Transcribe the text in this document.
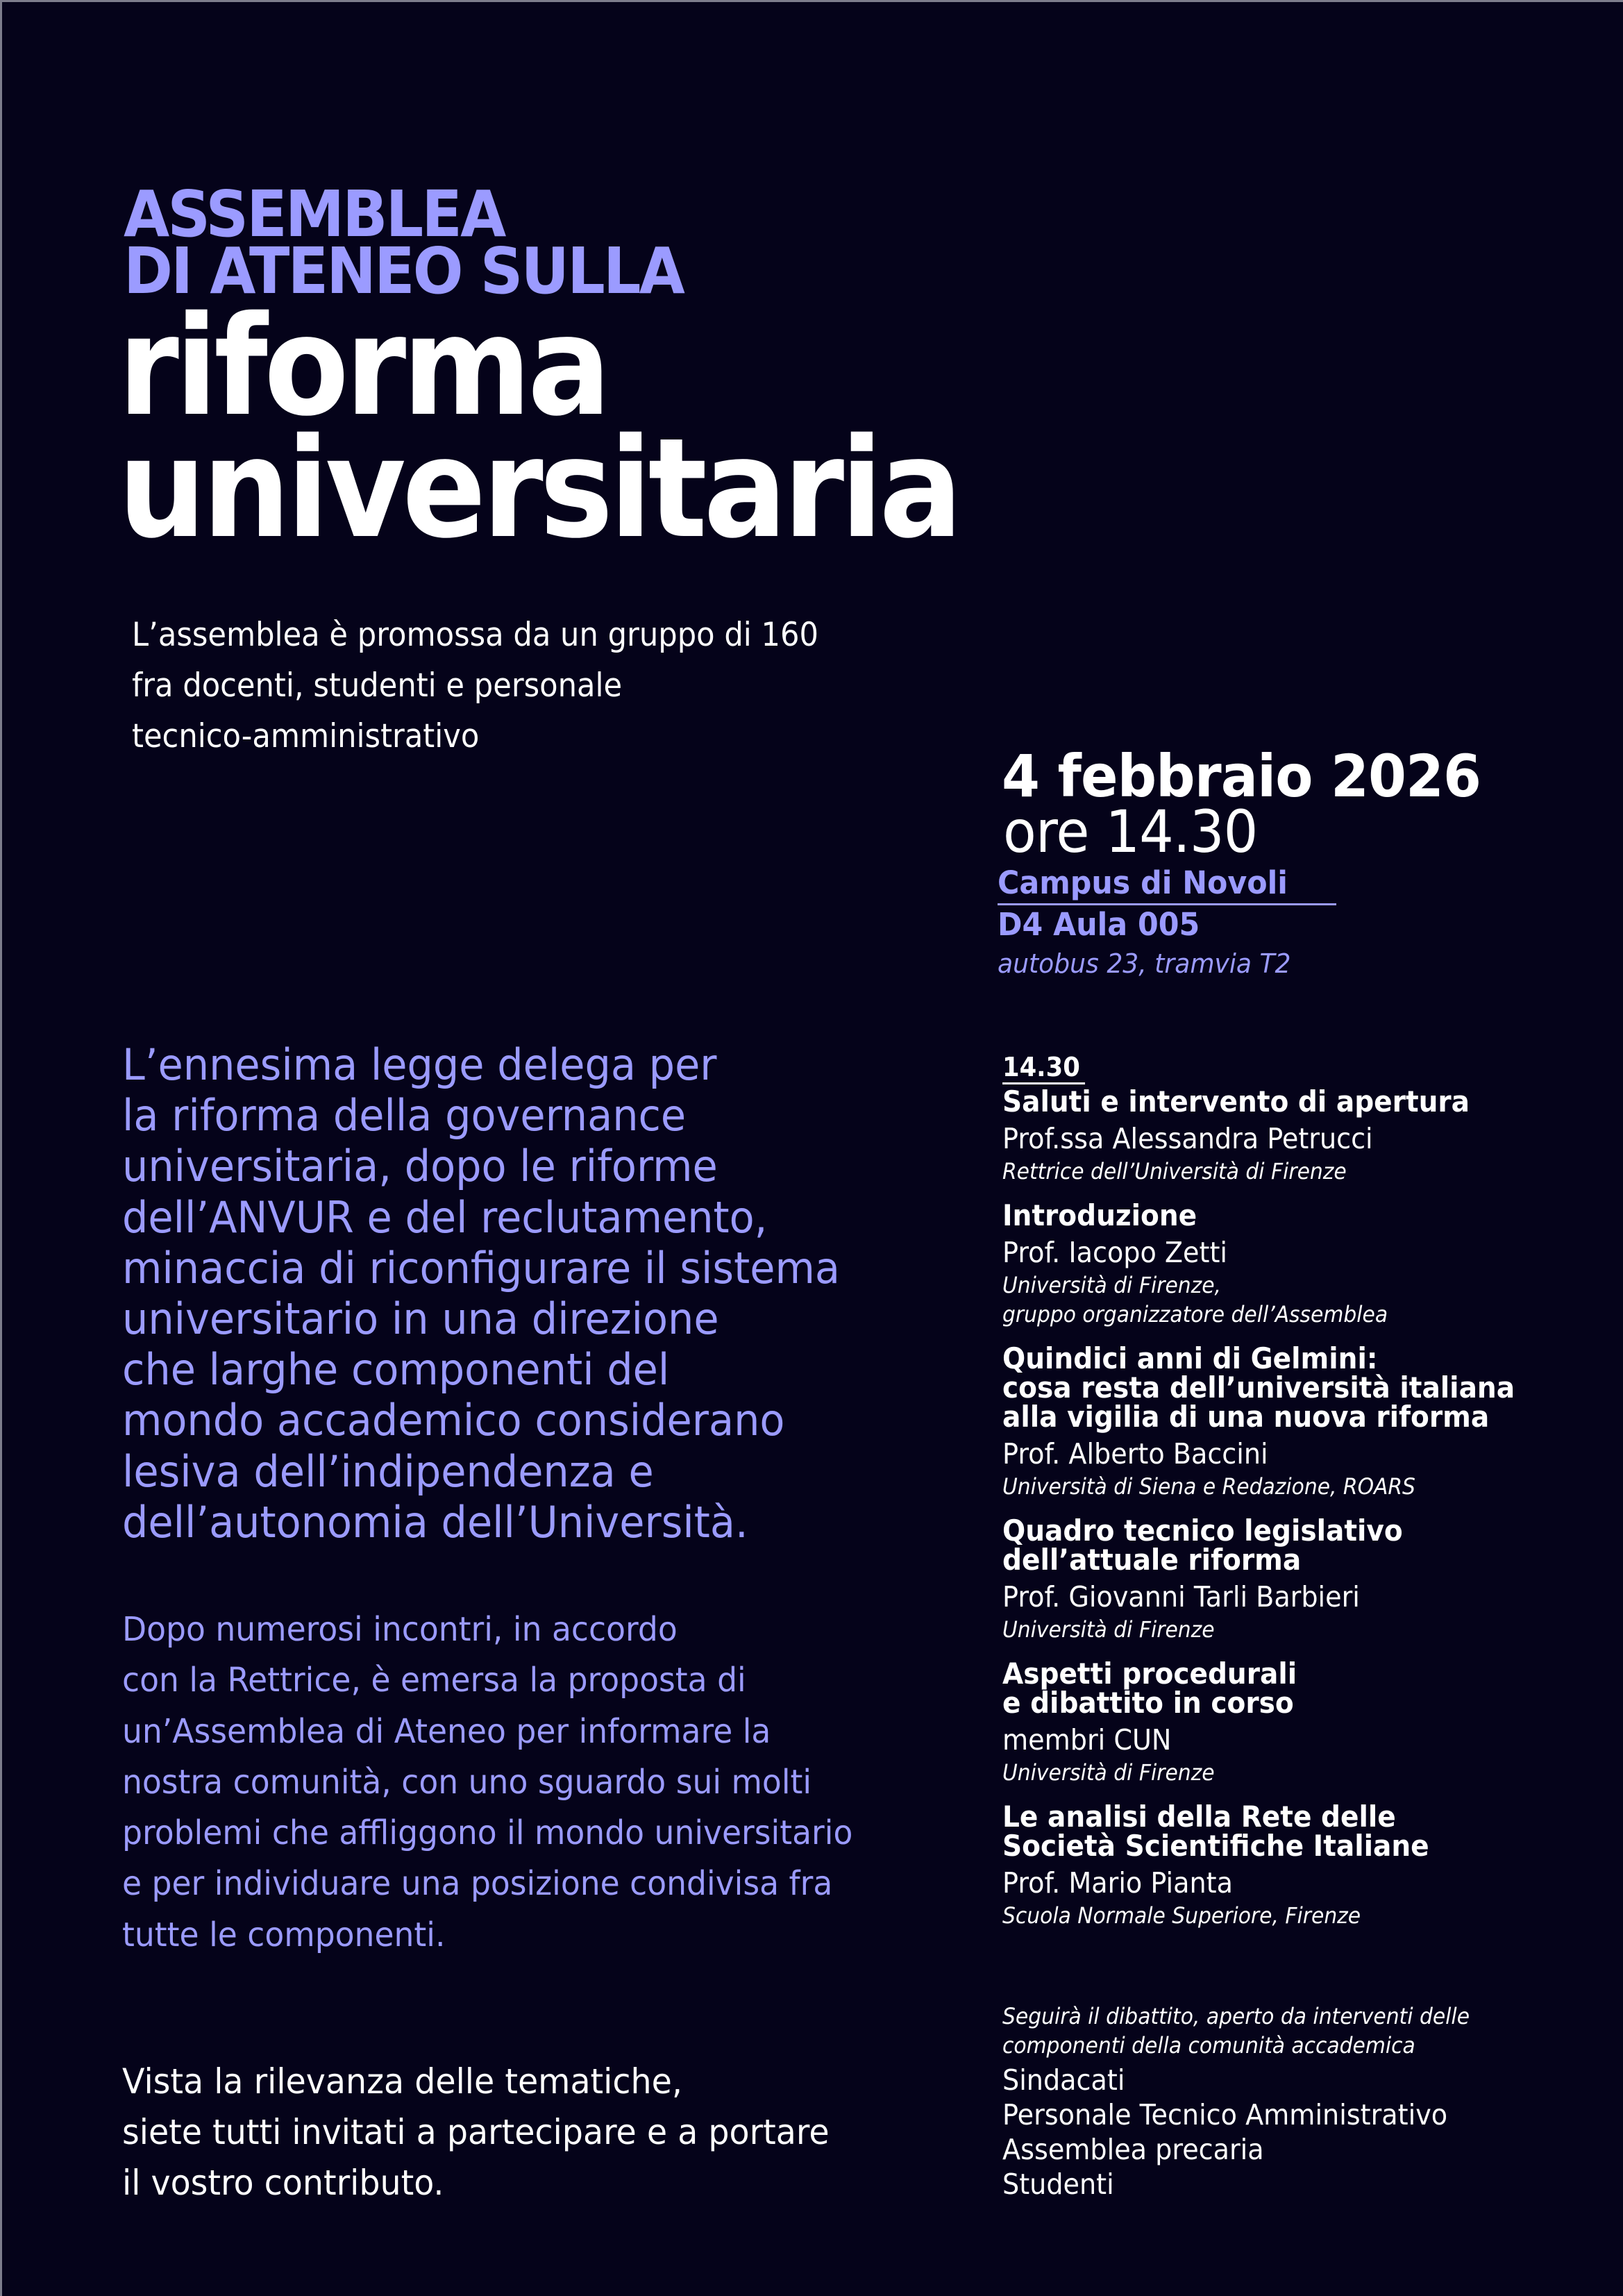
ASSEMBLEA
DI ATENEO SULLA
riforma
universitaria
L’assemblea è promossa da un gruppo di 160
fra docenti, studenti e personale
tecnico-amministrativo
4 febbraio 2026
ore 14.30
Campus di Novoli
D4 Aula 005
autobus 23, tramvia T2
L’ennesima legge delega per
la riforma della governance
universitaria, dopo le riforme
dell’ANVUR e del reclutamento,
minaccia di riconfigurare il sistema
universitario in una direzione
che larghe componenti del
mondo accademico considerano
lesiva dell’indipendenza e
dell’autonomia dell’Università.
Dopo numerosi incontri, in accordo
con la Rettrice, è emersa la proposta di
un’Assemblea di Ateneo per informare la
nostra comunità, con uno sguardo sui molti
problemi che affliggono il mondo universitario
e per individuare una posizione condivisa fra
tutte le componenti.
Vista la rilevanza delle tematiche,
siete tutti invitati a partecipare e a portare
il vostro contributo.
14.30
Saluti e intervento di apertura
Prof.ssa Alessandra Petrucci
Rettrice dell’Università di Firenze
Introduzione
Prof. Iacopo Zetti
Università di Firenze,
gruppo organizzatore dell’Assemblea
Quindici anni di Gelmini:
cosa resta dell’università italiana
alla vigilia di una nuova riforma
Prof. Alberto Baccini
Università di Siena e Redazione, ROARS
Quadro tecnico legislativo
dell’attuale riforma
Prof. Giovanni Tarli Barbieri
Università di Firenze
Aspetti procedurali
e dibattito in corso
membri CUN
Università di Firenze
Le analisi della Rete delle
Società Scientifiche Italiane
Prof. Mario Pianta
Scuola Normale Superiore, Firenze
Seguirà il dibattito, aperto da interventi delle
componenti della comunità accademica
Sindacati
Personale Tecnico Amministrativo
Assemblea precaria
Studenti
